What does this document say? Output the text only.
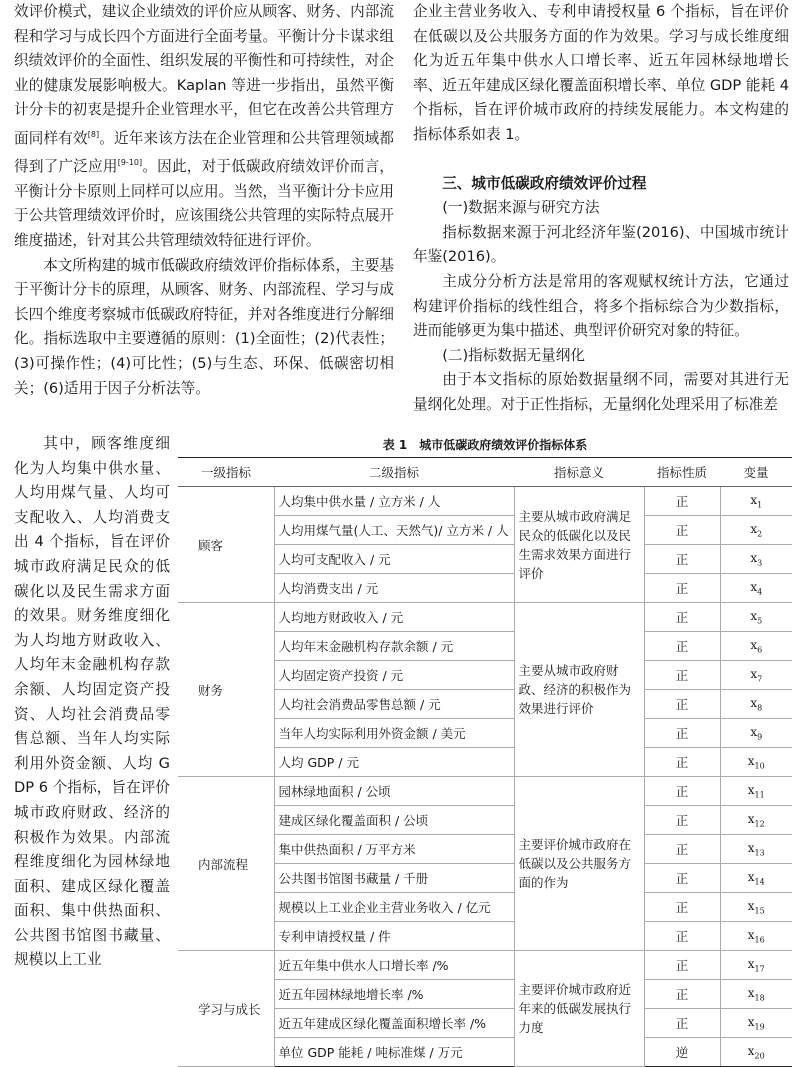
效评价模式，建议企业绩效的评价应从顾客、财务、内部流程和学习与成长四个方面进行全面考量。平衡计分卡谋求组织绩效评价的全面性、组织发展的平衡性和可持续性，对企业的健康发展影响极大。Kaplan 等进一步指出，虽然平衡计分卡的初衷是提升企业管理水平，但它在改善公共管理方面同样有效[8]。近年来该方法在企业管理和公共管理领域都得到了广泛应用[9-10]。因此，对于低碳政府绩效评价而言，平衡计分卡原则上同样可以应用。当然，当平衡计分卡应用于公共管理绩效评价时，应该围绕公共管理的实际特点展开维度描述，针对其公共管理绩效特征进行评价。

本文所构建的城市低碳政府绩效评价指标体系，主要基于平衡计分卡的原理，从顾客、财务、内部流程、学习与成长四个维度考察城市低碳政府特征，并对各维度进行分解细化。指标选取中主要遵循的原则：(1)全面性；(2)代表性；(3)可操作性；(4)可比性；(5)与生态、环保、低碳密切相关；(6)适用于因子分析法等。

其中，顾客维度细化为人均集中供水量、人均用煤气量、人均可支配收入、人均消费支出 4 个指标，旨在评价城市政府满足民众的低碳化以及民生需求方面的效果。财务维度细化为人均地方财政收入、人均年末金融机构存款余额、人均固定资产投资、人均社会消费品零售总额、当年人均实际利用外资金额、人均 GDP 6 个指标，旨在评价城市政府财政、经济的积极作为效果。内部流程维度细化为园林绿地面积、建成区绿化覆盖面积、集中供热面积、公共图书馆图书藏量、规模以上工业

企业主营业务收入、专利申请授权量 6 个指标，旨在评价在低碳以及公共服务方面的作为效果。学习与成长维度细化为近五年集中供水人口增长率、近五年园林绿地增长率、近五年建成区绿化覆盖面积增长率、单位 GDP 能耗 4 个指标，旨在评价城市政府的持续发展能力。本文构建的指标体系如表 1。

三、城市低碳政府绩效评价过程
(一)数据来源与研究方法

指标数据来源于河北经济年鉴(2016)、中国城市统计年鉴(2016)。

主成分分析方法是常用的客观赋权统计方法，它通过构建评价指标的线性组合，将多个指标综合为少数指标，进而能够更为集中描述、典型评价研究对象的特征。

(二)指标数据无量纲化

由于本文指标的原始数据量纲不同，需要对其进行无量纲化处理。对于正性指标，无量纲化处理采用了标准差

表 1　城市低碳政府绩效评价指标体系
一级指标	二级指标	指标意义	指标性质	变量
顾客	人均集中供水量 / 立方米 / 人	主要从城市政府满足民众的低碳化以及民生需求效果方面进行评价	正	$x_1$
	人均用煤气量(人工、天然气)/ 立方米 / 人		正	$x_2$
	人均可支配收入 / 元		正	$x_3$
	人均消费支出 / 元		正	$x_4$
财务	人均地方财政收入 / 元	主要从城市政府财政、经济的积极作为效果进行评价	正	$x_5$
	人均年末金融机构存款余额 / 元		正	$x_6$
	人均固定资产投资 / 元		正	$x_7$
	人均社会消费品零售总额 / 元		正	$x_8$
	当年人均实际利用外资金额 / 美元		正	$x_9$
	人均 GDP / 元		正	$x_{10}$
内部流程	园林绿地面积 / 公顷	主要评价城市政府在低碳以及公共服务方面的作为	正	$x_{11}$
	建成区绿化覆盖面积 / 公顷		正	$x_{12}$
	集中供热面积 / 万平方米		正	$x_{13}$
	公共图书馆图书藏量 / 千册		正	$x_{14}$
	规模以上工业企业主营业务收入 / 亿元		正	$x_{15}$
	专利申请授权量 / 件		正	$x_{16}$
学习与成长	近五年集中供水人口增长率 /%	主要评价城市政府近年来的低碳发展执行力度	正	$x_{17}$
	近五年园林绿地增长率 /%		正	$x_{18}$
	近五年建成区绿化覆盖面积增长率 /%		正	$x_{19}$
	单位 GDP 能耗 / 吨标准煤 / 万元		逆	$x_{20}$
